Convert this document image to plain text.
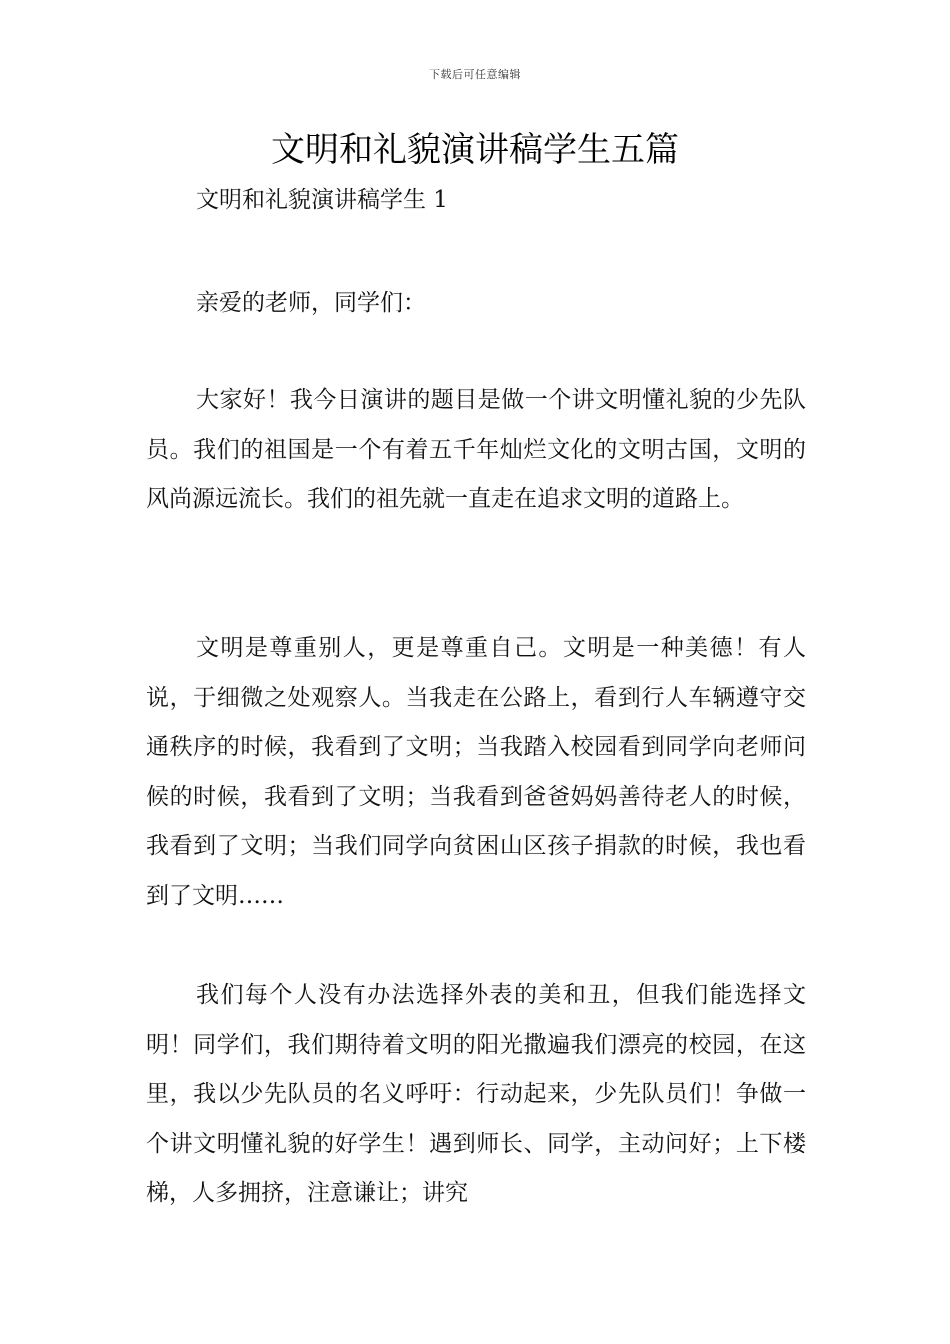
下载后可任意编辑
文明和礼貌演讲稿学生五篇
文明和礼貌演讲稿学生 1

亲爱的老师，同学们：

大家好！我今日演讲的题目是做一个讲文明懂礼貌的少先队员。我们的祖国是一个有着五千年灿烂文化的文明古国，文明的风尚源远流长。我们的祖先就一直走在追求文明的道路上。

文明是尊重别人，更是尊重自己。文明是一种美德！有人说，于细微之处观察人。当我走在公路上，看到行人车辆遵守交通秩序的时候，我看到了文明；当我踏入校园看到同学向老师问候的时候，我看到了文明；当我看到爸爸妈妈善待老人的时候，我看到了文明；当我们同学向贫困山区孩子捐款的时候，我也看到了文明……

我们每个人没有办法选择外表的美和丑，但我们能选择文明！同学们，我们期待着文明的阳光撒遍我们漂亮的校园，在这里，我以少先队员的名义呼吁：行动起来，少先队员们！争做一个讲文明懂礼貌的好学生！遇到师长、同学，主动问好；上下楼梯，人多拥挤，注意谦让；讲究
